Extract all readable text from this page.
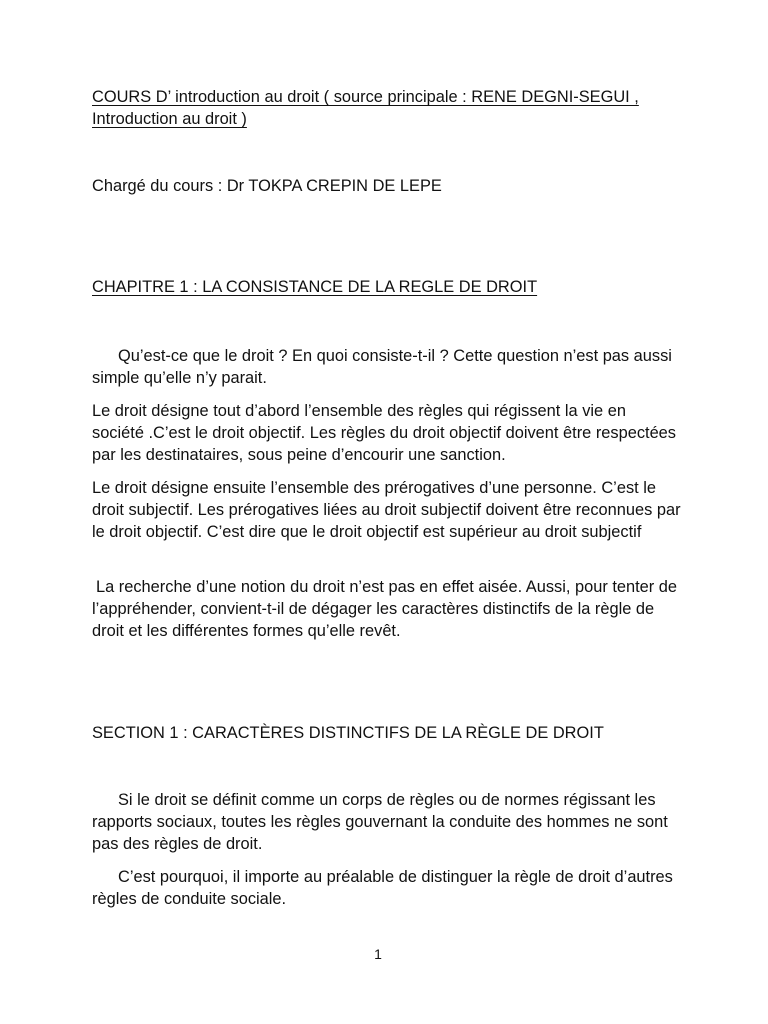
COURS D’ introduction au droit ( source principale : RENE DEGNI-SEGUI ,
Introduction au droit )

Chargé du cours : Dr TOKPA CREPIN DE LEPE

CHAPITRE 1 : LA CONSISTANCE DE LA REGLE DE DROIT

Qu’est-ce que le droit ? En quoi consiste-t-il ? Cette question n’est pas aussi simple qu’elle n’y parait.

Le droit désigne tout d’abord l’ensemble des règles qui régissent la vie en société .C’est le droit objectif. Les règles du droit objectif doivent être respectées par les destinataires, sous peine d’encourir une sanction.

Le droit désigne ensuite l’ensemble des prérogatives d’une personne. C’est le droit subjectif. Les prérogatives liées au droit subjectif doivent être reconnues par le droit objectif. C’est dire que le droit objectif est supérieur au droit subjectif

La recherche d’une notion du droit n’est pas en effet aisée. Aussi, pour tenter de l’appréhender, convient-t-il de dégager les caractères distinctifs de la règle de droit et les différentes formes qu’elle revêt.

SECTION 1 : CARACTÈRES DISTINCTIFS DE LA RÈGLE DE DROIT

Si le droit se définit comme un corps de règles ou de normes régissant les rapports sociaux, toutes les règles gouvernant la conduite des hommes ne sont pas des règles de droit.

C’est pourquoi, il importe au préalable de distinguer la règle de droit d’autres règles de conduite sociale.

1
